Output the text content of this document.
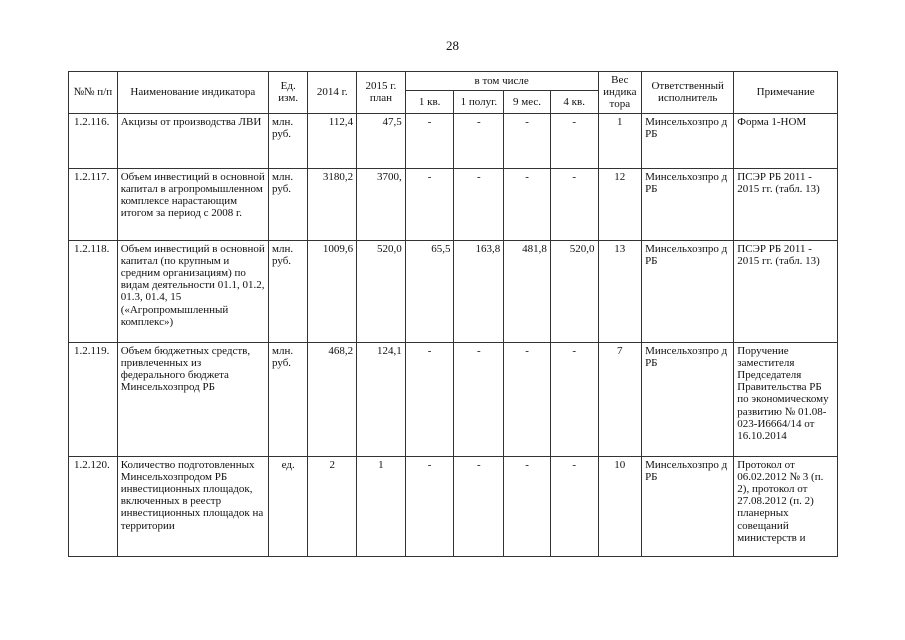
28
№№ п/п	Наименование индикатора	Ед. изм.	2014 г.	2015 г. план	в том числе				Вес индика тора	Ответственный исполнитель	Примечание
					1 кв.	1 полуг.	9 мес.	4 кв.			
1.2.116.	Акцизы от производства ЛВИ	млн. руб.	112,4	47,5	-	-	-	-	1	Минсельхозпро д РБ	Форма 1-НОМ
1.2.117.	Объем инвестиций в основной капитал в агропромышленном комплексе нарастающим итогом за период с 2008 г.	млн. руб.	3180,2	3700,	-	-	-	-	12	Минсельхозпро д РБ	ПСЭР РБ 2011 - 2015 гг. (табл. 13)
1.2.118.	Объем инвестиций в основной капитал (по крупным и средним организациям) по видам деятельности 01.1, 01.2, 01.3, 01.4, 15 («Агропромышленный комплекс»)	млн. руб.	1009,6	520,0	65,5	163,8	481,8	520,0	13	Минсельхозпро д РБ	ПСЭР РБ 2011 - 2015 гг. (табл. 13)
1.2.119.	Объем бюджетных средств, привлеченных из федерального бюджета Минсельхозпрод РБ	млн. руб.	468,2	124,1	-	-	-	-	7	Минсельхозпро д РБ	Поручение заместителя Председателя Правительства РБ по экономическому развитию № 01.08-023-И6664/14 от 16.10.2014
1.2.120.	Количество подготовленных Минсельхозпродом РБ инвестиционных площадок, включенных в реестр инвестиционных площадок на территории	ед.	2	1	-	-	-	-	10	Минсельхозпро д РБ	Протокол от 06.02.2012 № 3 (п. 2), протокол от 27.08.2012 (п. 2) планерных совещаний министерств и
